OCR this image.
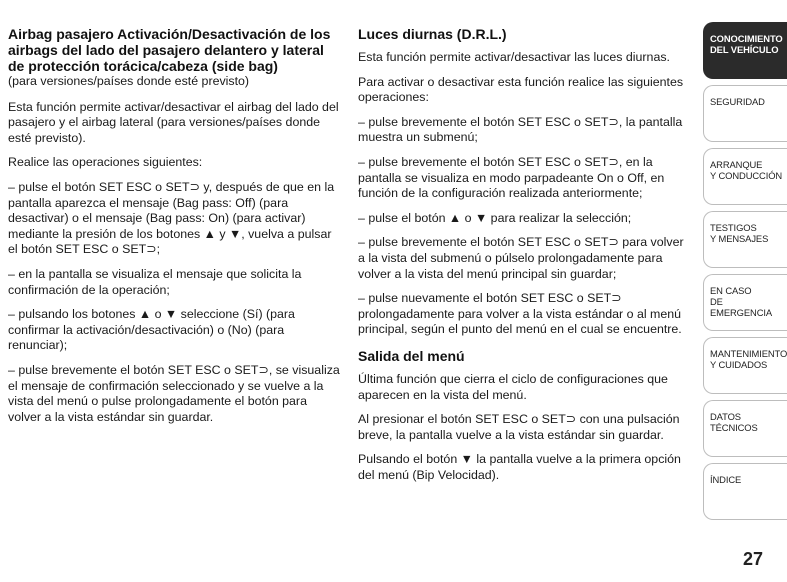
Airbag pasajero Activación/Desactivación de los airbags del lado del pasajero delantero y lateral de protección torácica/cabeza (side bag)
(para versiones/países donde esté previsto)

Esta función permite activar/desactivar el airbag del lado del pasajero y el airbag lateral (para versiones/países donde esté previsto).

Realice las operaciones siguientes:

– pulse el botón SET ESC o SET⊃ y, después de que en la pantalla aparezca el mensaje (Bag pass: Off) (para desactivar) o el mensaje (Bag pass: On) (para activar) mediante la presión de los botones ▲ y ▼, vuelva a pulsar el botón SET ESC o SET⊃;

– en la pantalla se visualiza el mensaje que solicita la confirmación de la operación;

– pulsando los botones ▲ o ▼ seleccione (Sí) (para confirmar la activación/desactivación) o (No) (para renunciar);

– pulse brevemente el botón SET ESC o SET⊃, se visualiza el mensaje de confirmación seleccionado y se vuelve a la vista del menú o pulse prolongadamente el botón para volver a la vista estándar sin guardar.

Luces diurnas (D.R.L.)

Esta función permite activar/desactivar las luces diurnas.

Para activar o desactivar esta función realice las siguientes operaciones:

– pulse brevemente el botón SET ESC o SET⊃, la pantalla muestra un submenú;

– pulse brevemente el botón SET ESC o SET⊃, en la pantalla se visualiza en modo parpadeante On o Off, en función de la configuración realizada anteriormente;

– pulse el botón ▲ o ▼ para realizar la selección;

– pulse brevemente el botón SET ESC o SET⊃ para volver a la vista del submenú o púlselo prolongadamente para volver a la vista del menú principal sin guardar;

– pulse nuevamente el botón SET ESC o SET⊃ prolongadamente para volver a la vista estándar o al menú principal, según el punto del menú en el cual se encuentre.

Salida del menú

Última función que cierra el ciclo de configuraciones que aparecen en la vista del menú.

Al presionar el botón SET ESC o SET⊃ con una pulsación breve, la pantalla vuelve a la vista estándar sin guardar.

Pulsando el botón ▼ la pantalla vuelve a la primera opción del menú (Bip Velocidad).

CONOCIMIENTO
DEL VEHÍCULO
SEGURIDAD
ARRANQUE
Y CONDUCCIÓN
TESTIGOS
Y MENSAJES
EN CASO
DE EMERGENCIA
MANTENIMIENTO
Y CUIDADOS
DATOS TÉCNICOS
ÍNDICE
27
